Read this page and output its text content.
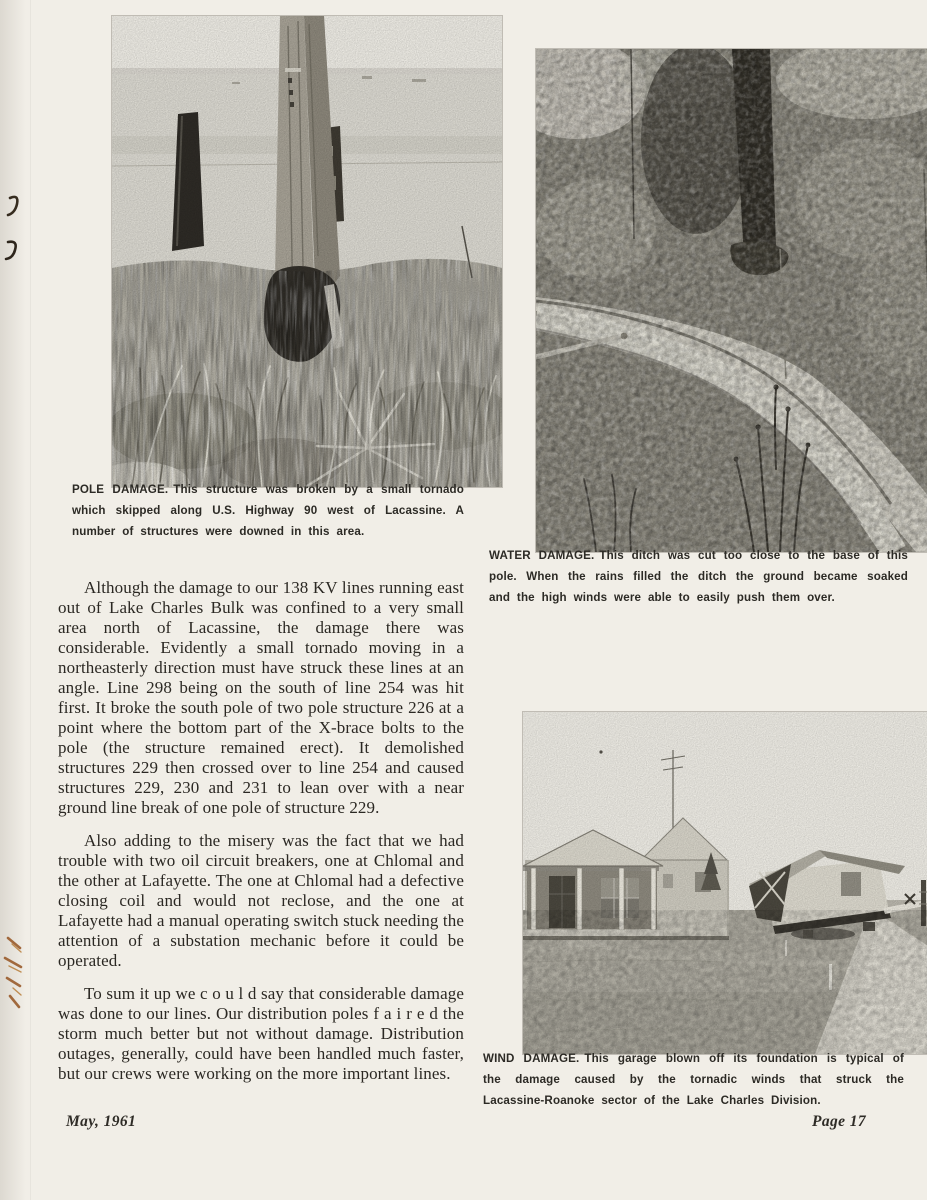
POLE DAMAGE. This structure was broken by a small tornado which skipped along U.S. Highway 90 west of Lacassine. A number of structures were downed in this area.

WATER DAMAGE. This ditch was cut too close to the base of this pole. When the rains filled the ditch the ground became soaked and the high winds were able to easily push them over.

WIND DAMAGE. This garage blown off its foundation is typical of the damage caused by the tornadic winds that struck the Lacassine-Roanoke sector of the Lake Charles Division.

Although the damage to our 138 KV lines running east out of Lake Charles Bulk was confined to a very small area north of Lacassine, the damage there was considerable. Evidently a small tornado moving in a northeasterly direction must have struck these lines at an angle. Line 298 being on the south of line 254 was hit first. It broke the south pole of two pole structure 226 at a point where the bottom part of the X-brace bolts to the pole (the structure remained erect). It demolished structures 229 then crossed over to line 254 and caused structures 229, 230 and 231 to lean over with a near ground line break of one pole of structure 229.

Also adding to the misery was the fact that we had trouble with two oil circuit breakers, one at Chlomal and the other at Lafayette. The one at Chlomal had a defective closing coil and would not reclose, and the one at Lafayette had a manual operating switch stuck needing the attention of a substation mechanic before it could be operated.

To sum it up we c o u l d say that considerable damage was done to our lines. Our distribution poles f a i r e d the storm much better but not without damage. Distribution outages, generally, could have been handled much faster, but our crews were working on the more important lines.

May, 1961	Page 17
